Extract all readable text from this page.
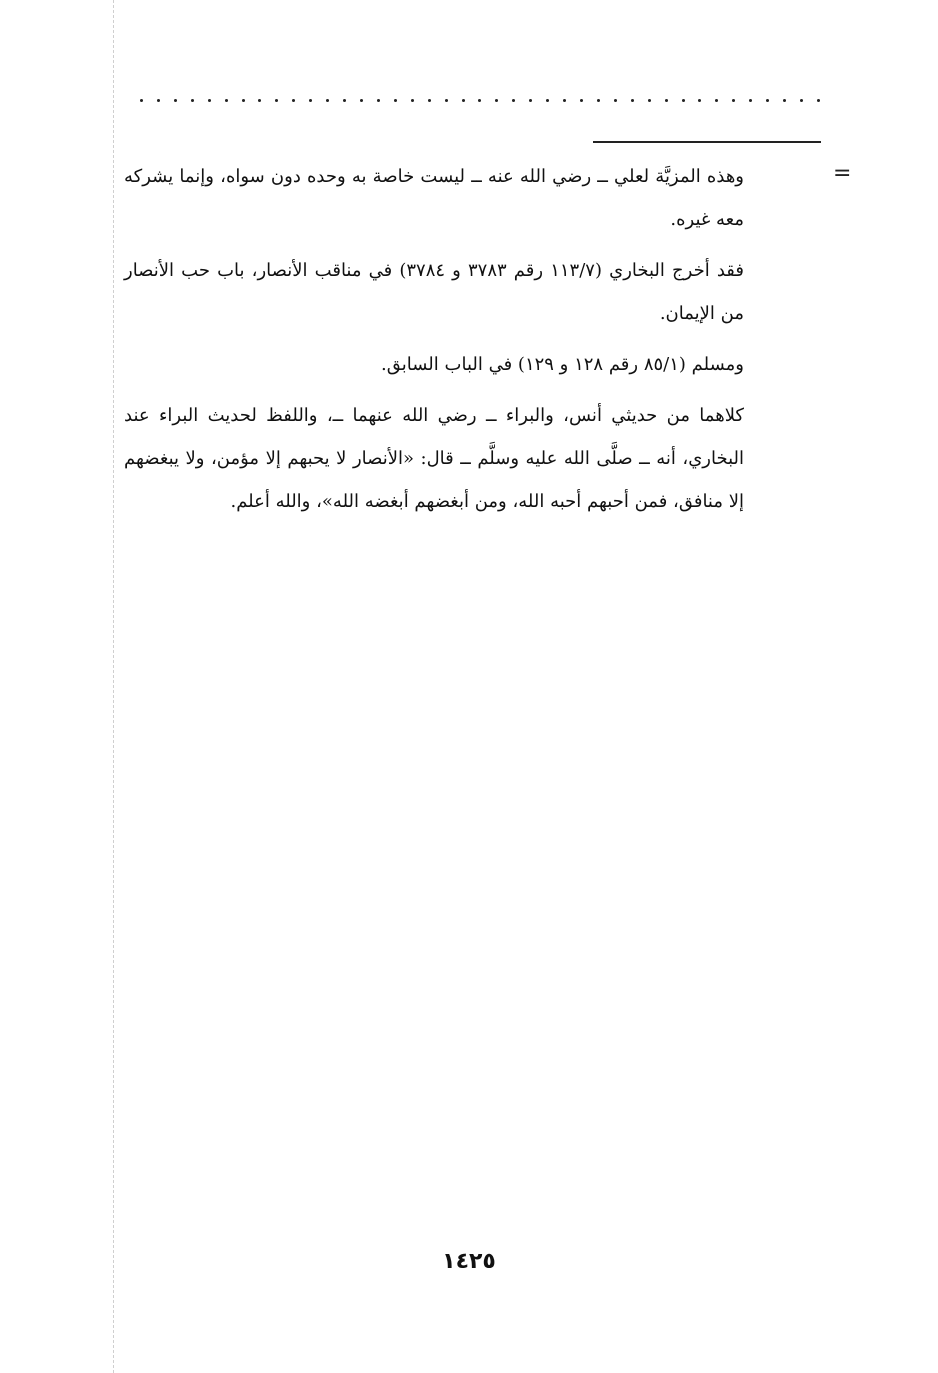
=

وهذه المزيَّة لعلي ــ رضي الله عنه ــ ليست خاصة به وحده دون سواه، وإنما يشركه معه غيره.

فقد أخرج البخاري (١١٣/٧ رقم ٣٧٨٣ و ٣٧٨٤) في مناقب الأنصار، باب حب الأنصار من الإيمان.

ومسلم (٨٥/١ رقم ١٢٨ و ١٢٩) في الباب السابق.

كلاهما من حديثي أنس، والبراء ــ رضي الله عنهما ــ، واللفظ لحديث البراء عند البخاري، أنه ــ صلَّى الله عليه وسلَّم ــ قال: «الأنصار لا يحبهم إلا مؤمن، ولا يبغضهم إلا منافق، فمن أحبهم أحبه الله، ومن أبغضهم أبغضه الله»، والله أعلم.

١٤٢٥
